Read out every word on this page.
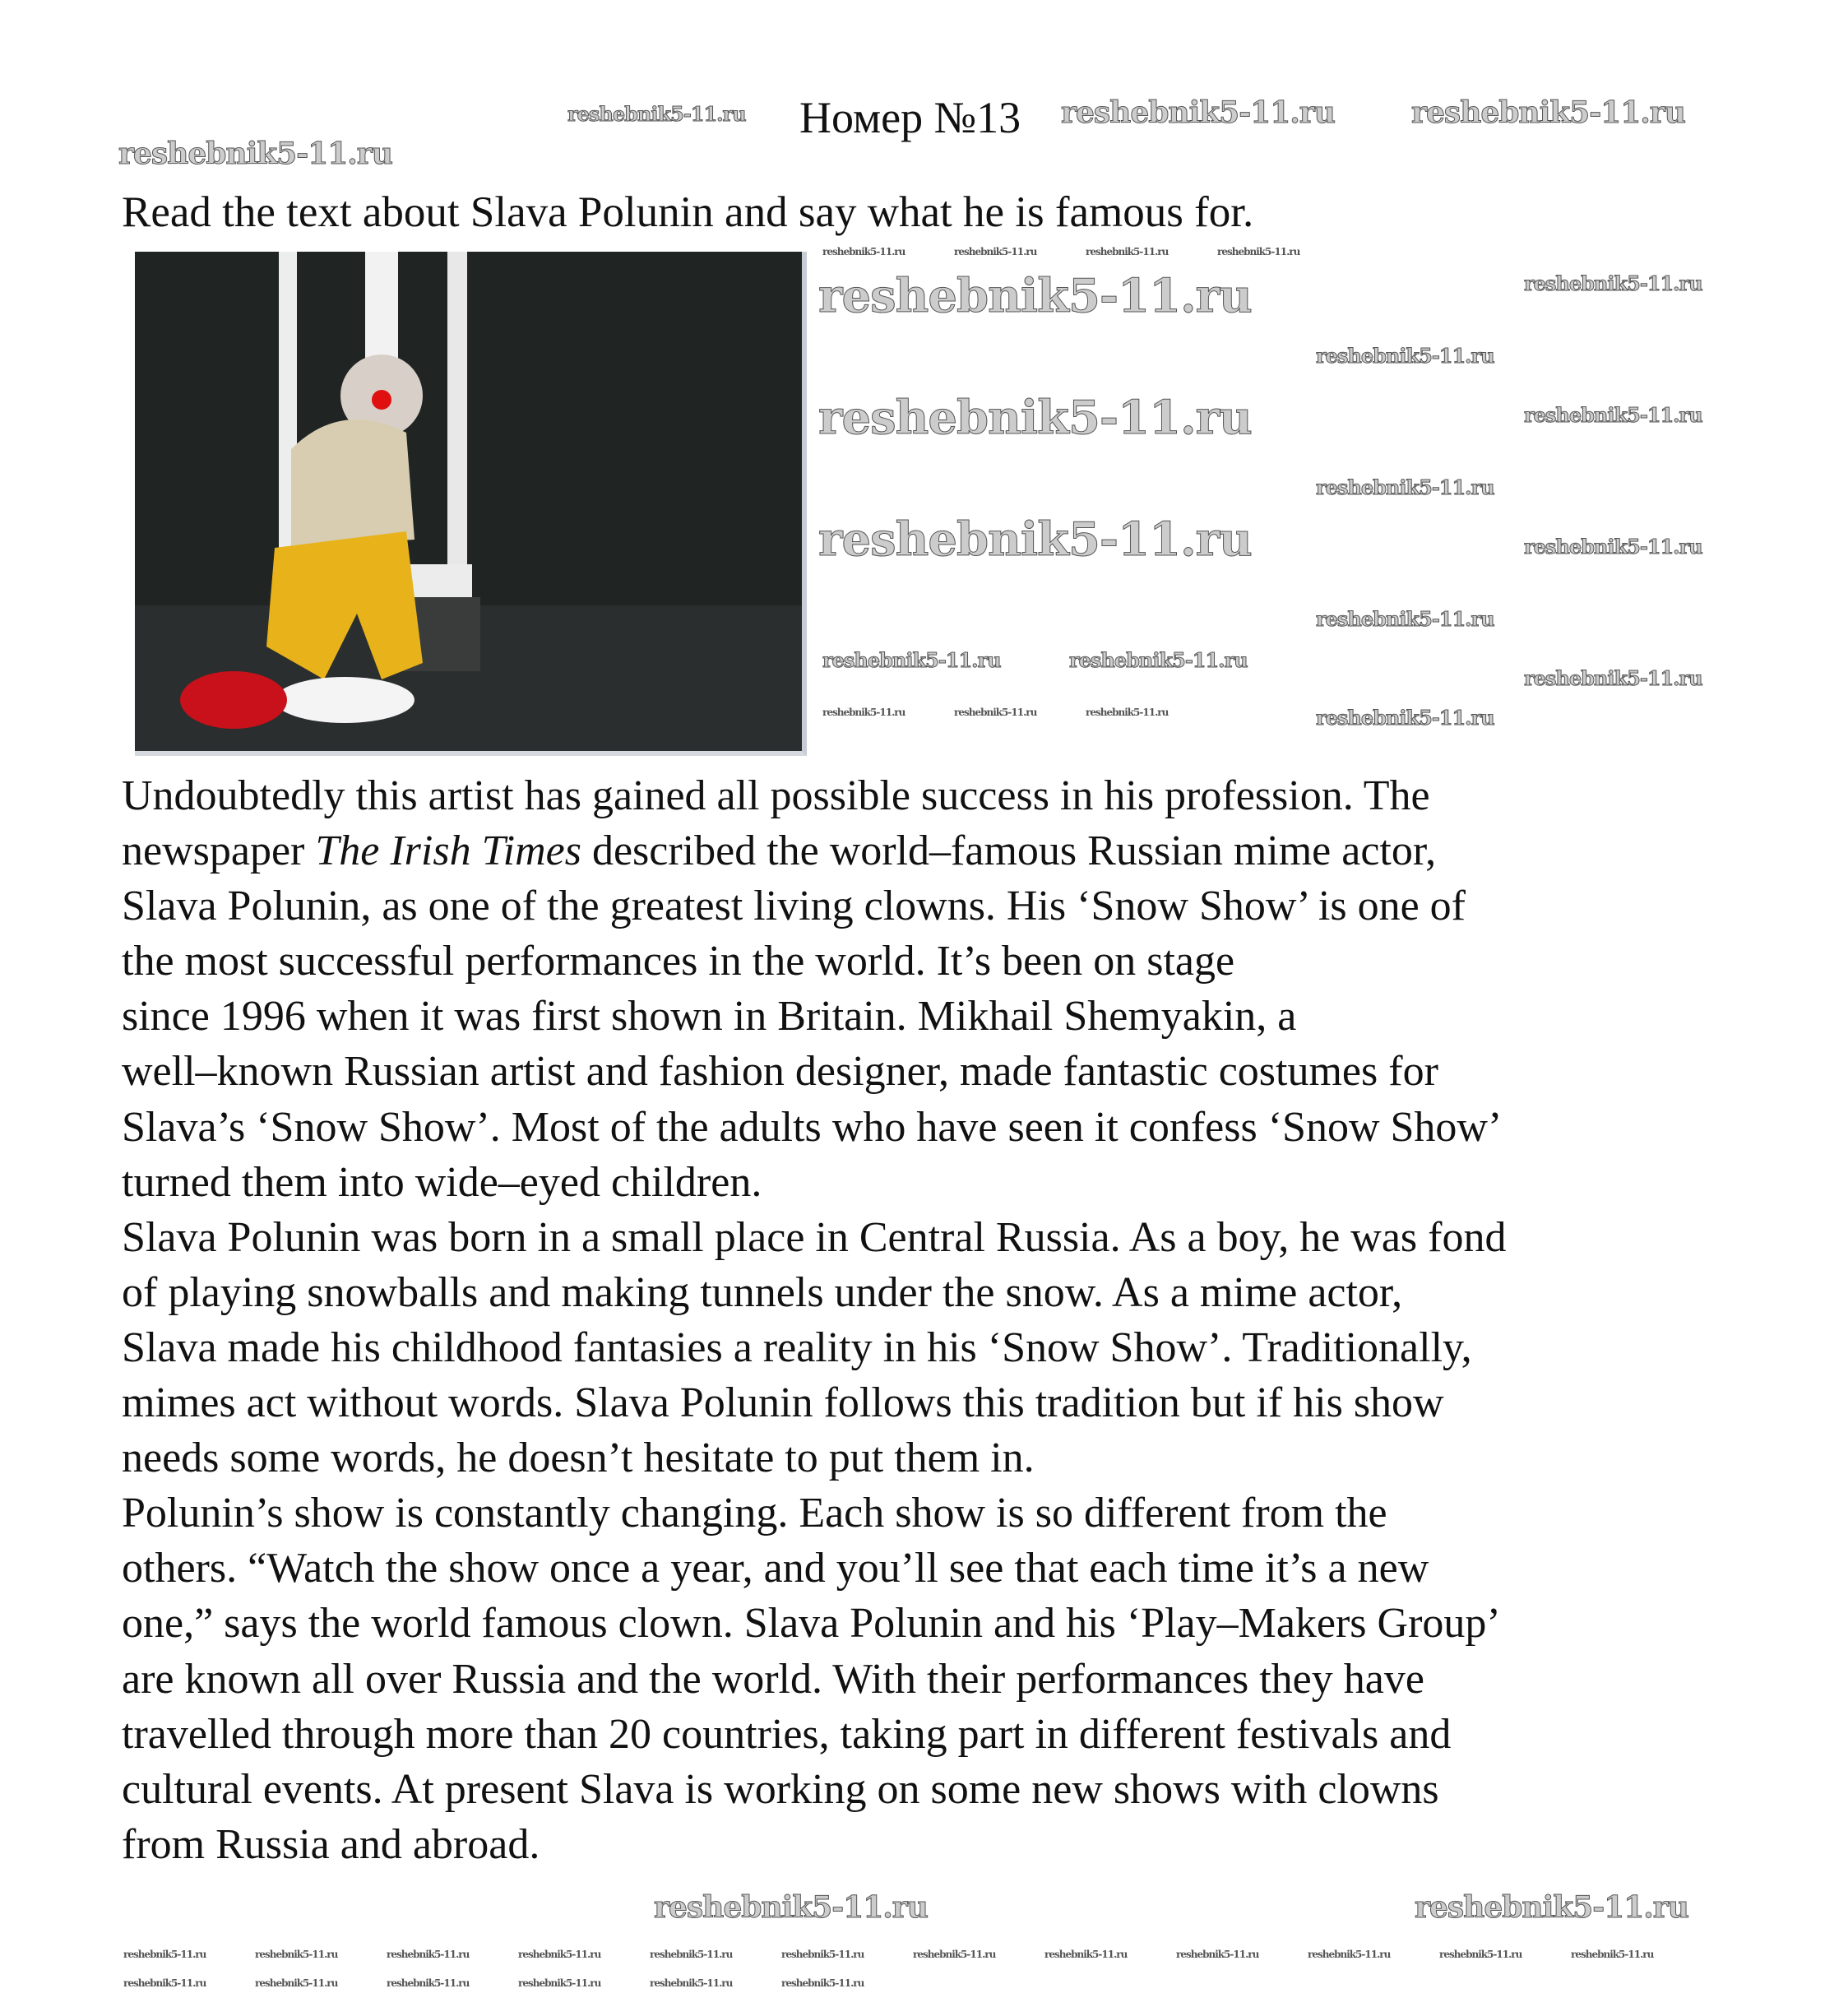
Номер №13
Read the text about Slava Polunin and say what he is famous for.
Undoubtedly this artist has gained all possible success in his profession. The
newspaper The Irish Times described the world–famous Russian mime actor,
Slava Polunin, as one of the greatest living clowns. His ‘Snow Show’ is one of
the most successful performances in the world. It’s been on stage
since 1996 when it was first shown in Britain. Mikhail Shemyakin, a
well–known Russian artist and fashion designer, made fantastic costumes for
Slava’s ‘Snow Show’. Most of the adults who have seen it confess ‘Snow Show’
turned them into wide–eyed children.
Slava Polunin was born in a small place in Central Russia. As a boy, he was fond
of playing snowballs and making tunnels under the snow. As a mime actor,
Slava made his childhood fantasies a reality in his ‘Snow Show’. Traditionally,
mimes act without words. Slava Polunin follows this tradition but if his show
needs some words, he doesn’t hesitate to put them in.
Polunin’s show is constantly changing. Each show is so different from the
others. “Watch the show once a year, and you’ll see that each time it’s a new
one,” says the world famous clown. Slava Polunin and his ‘Play–Makers Group’
are known all over Russia and the world. With their performances they have
travelled through more than 20 countries, taking part in different festivals and
cultural events. At present Slava is working on some new shows with clowns
from Russia and abroad.
reshebnik5-11.ru	reshebnik5-11.ru	reshebnik5-11.ru
reshebnik5-11.ru
reshebnik5-11.ru
reshebnik5-11.ru
reshebnik5-11.ru
reshebnik5-11.ru
reshebnik5-11.ru
reshebnik5-11.ru
reshebnik5-11.ru
reshebnik5-11.ru	reshebnik5-11.ru
reshebnik5-11.ru
reshebnik5-11.ru
reshebnik5-11.ru
reshebnik5-11.ru
reshebnik5-11.ru	reshebnik5-11.ru	reshebnik5-11.ru
reshebnik5-11.ru	reshebnik5-11.ru	reshebnik5-11.ru	reshebnik5-11.ru
reshebnik5-11.ru	reshebnik5-11.ru
reshebnik5-11.ru	reshebnik5-11.ru	reshebnik5-11.ru	reshebnik5-11.ru	reshebnik5-11.ru	reshebnik5-11.ru	reshebnik5-11.ru	reshebnik5-11.ru	reshebnik5-11.ru	reshebnik5-11.ru	reshebnik5-11.ru	reshebnik5-11.ru
reshebnik5-11.ru	reshebnik5-11.ru	reshebnik5-11.ru	reshebnik5-11.ru	reshebnik5-11.ru	reshebnik5-11.ru
